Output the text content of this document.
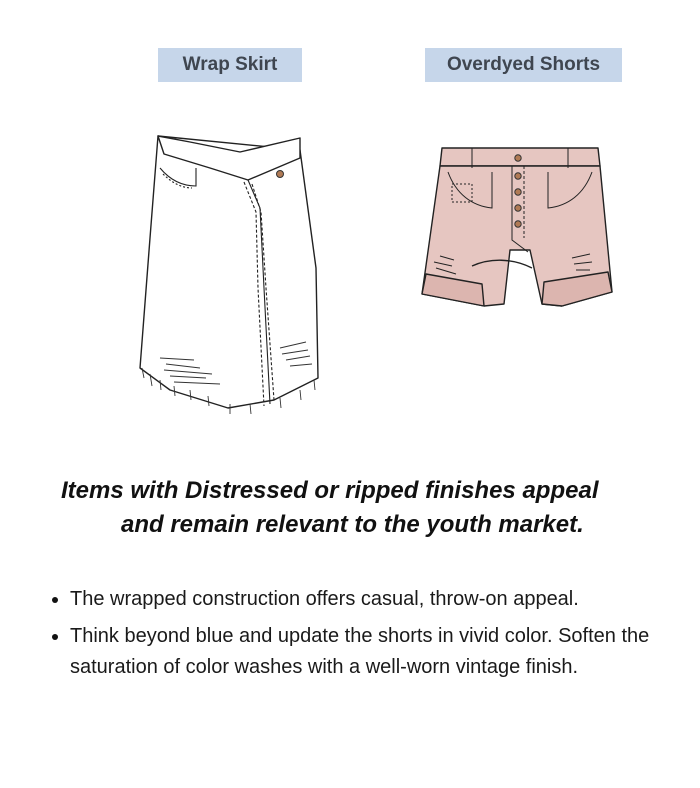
Wrap Skirt	Overdyed Shorts
Items with Distressed or ripped finishes appeal
and remain relevant to the youth market.
The wrapped construction offers casual, throw-on appeal.
Think beyond blue and update the shorts in vivid color. Soften the saturation of color washes with a well-worn vintage finish.
